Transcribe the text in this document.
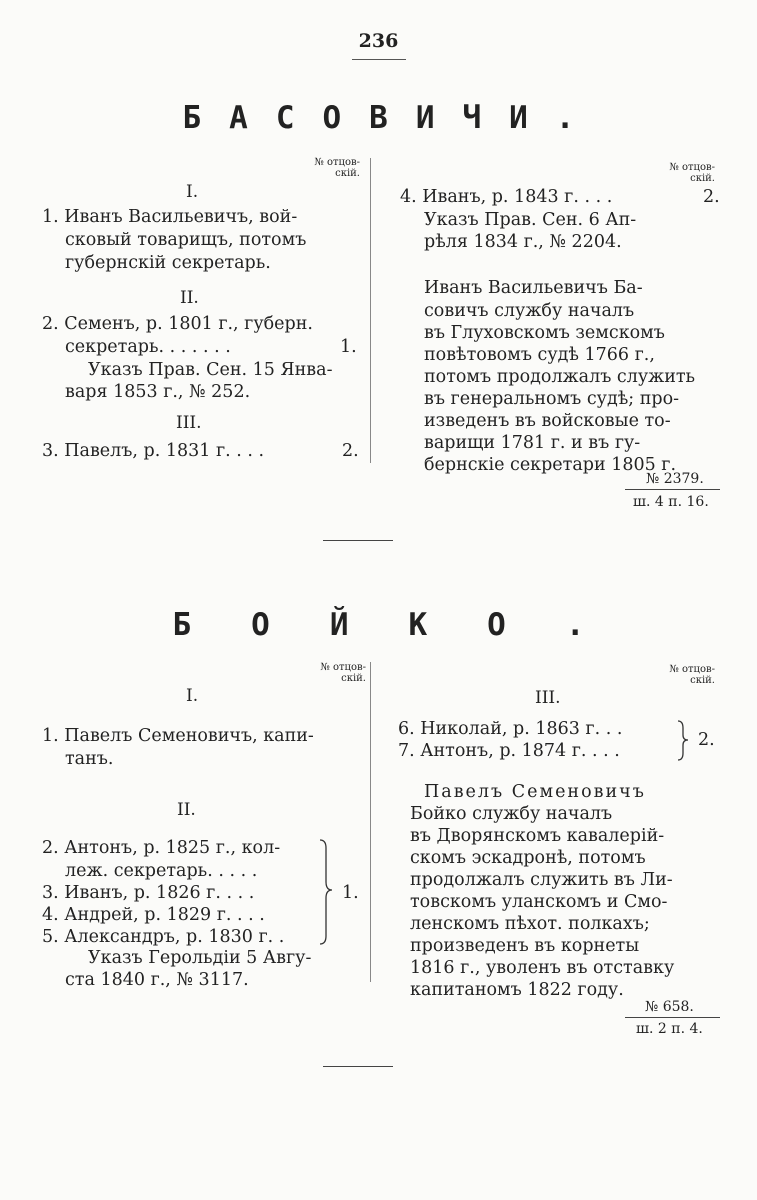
236
БАСОВИЧИ.
№ отцов-
скій.
№ отцов-
скій.
I.
1. Иванъ Васильевичъ, вой-
сковый товарищъ, потомъ
губернскій секретарь.
II.
2. Семенъ, р. 1801 г., губерн.
секретарь. . . . . . .	1.
Указъ Прав. Сен. 15 Янва-
варя 1853 г., № 252.
III.
3. Павелъ, р. 1831 г. . . .	2.
4. Иванъ, р. 1843 г. . . .	2.
Указъ Прав. Сен. 6 Ап-
рѣля 1834 г., № 2204.
Иванъ Васильевичъ Ба-
совичъ службу началъ
въ Глуховскомъ земскомъ
повѣтовомъ судѣ 1766 г.,
потомъ продолжалъ служить
въ генеральномъ судѣ; про-
изведенъ въ войсковые то-
варищи 1781 г. и въ гу-
бернскіе секретари 1805 г.
№ 2379.
ш. 4 п. 16.
БОЙКО.
№ отцов-
скій.
№ отцов-
скій.
I.
1. Павелъ Семеновичъ, капи-
танъ.
II.
2. Антонъ, р. 1825 г., кол-
леж. секретарь. . . . .
3. Иванъ, р. 1826 г. . . .
4. Андрей, р. 1829 г. . . .
5. Александръ, р. 1830 г. .
1.
Указъ Герольдіи 5 Авгу-
ста 1840 г., № 3117.
III.
6. Николай, р. 1863 г. . .
7. Антонъ, р. 1874 г. . . .
2.
Павелъ Семеновичъ
Бойко службу началъ
въ Дворянскомъ кавалерій-
скомъ эскадронѣ, потомъ
продолжалъ служить въ Ли-
товскомъ уланскомъ и Смо-
ленскомъ пѣхот. полкахъ;
произведенъ въ корнеты
1816 г., уволенъ въ отставку
капитаномъ 1822 году.
№ 658.
ш. 2 п. 4.
